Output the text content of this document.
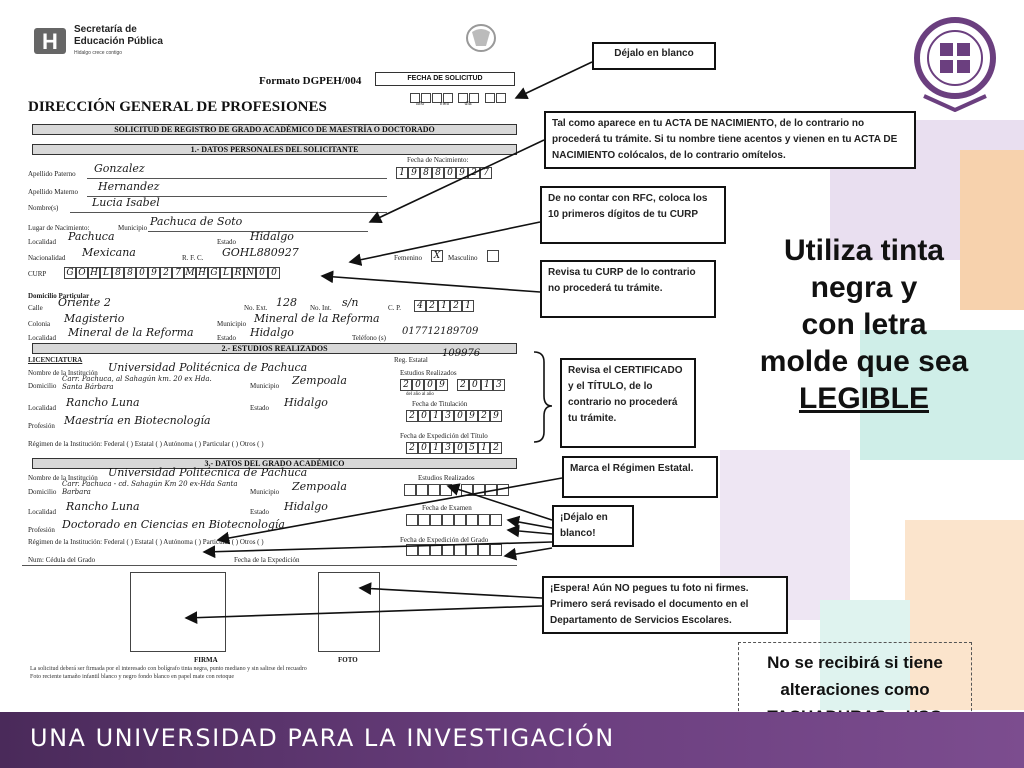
H Secretaría de
Educación Pública
Hidalgo crece contigo
Formato DGPEH/004	FECHA DE SOLICITUD

año mes día
DIRECCIÓN GENERAL DE PROFESIONES
SOLICITUD DE REGISTRO DE GRADO ACADÉMICO DE MAESTRÍA O DOCTORADO
1.- DATOS PERSONALES DEL SOLICITANTE
Fecha de Nacimiento:
1 9 8 8 0 9 2 7
Apellido Paterno Gonzalez
Apellido Materno Hernandez
Nombre(s)	Lucia Isabel
Lugar de Nacimiento:	Municipio Pachuca de Soto
Localidad Pachuca	Estado Hidalgo
Nacionalidad Mexicana	R. F. C. GOHL880927	Femenino	X	Masculino
CURP G O H L 8 8 0 9 2 7 M H G L R N 0 0
Domicilio Particular
Calle Oriente 2	No. Ext. 128 No. Int. s/n	C. P.	4 2 1 2 1
Colonia Magisterio	Municipio Mineral de la Reforma
Localidad Mineral de la Reforma	Estado Hidalgo	Teléfono (s)
017712189709
2.- ESTUDIOS REALIZADOS
LICENCIATURA	Reg. Estatal
109976
Nombre de la Institución Universidad Politécnica de Pachuca	Estudios Realizados
Domicilio
Carr. Pachuca, al Sahagún km. 20 ex Hda. Santa Bárbara	Municipio Zempoala	2 0 0 9 2 0 1 3
del año al año
Localidad Rancho Luna	Estado Hidalgo	Fecha de Titulación
2 0 1 3 0 9 2 9
Profesión Maestría en Biotecnología
Régimen de la Institución: Federal ( ) Estatal ( ) Autónoma ( ) Particular ( ) Otros ( )
Fecha de Expedición del Título
2 0 1 3 0 5 1 2
3.- DATOS DEL GRADO ACADÉMICO
Nombre de la Institución Universidad Politécnica de Pachuca	Estudios Realizados
Domicilio
Carr. Pachuca - cd. Sahagún Km 20 ex-Hda Santa Barbara	Municipio Zempoala

Localidad Rancho Luna	Estado Hidalgo	Fecha de Examen
Profesión Doctorado en Ciencias en Biotecnología
Régimen de la Institución: Federal ( ) Estatal ( ) Autónoma ( ) Particular ( ) Otros ( )	Fecha de Expedición del Grado
Num: Cédula del Grado	Fecha de la Expedición
FIRMA	FOTO
La solicitud deberá ser firmada por el interesado con bolígrafo tinta negra, punto mediano y sin salirse del recuadro
Foto reciente tamaño infantil blanco y negro fondo blanco en papel mate con retoque
Déjalo en blanco
Tal como aparece en tu ACTA DE NACIMIENTO, de lo contrario no procederá tu trámite. Si tu nombre tiene acentos y vienen en tu ACTA DE NACIMIENTO colócalos, de lo contrario omítelos.
De no contar con RFC, coloca los 10 primeros dígitos de tu CURP
Revisa tu CURP de lo contrario no procederá tu trámite.
Revisa el CERTIFICADO y el TÍTULO, de lo contrario no procederá tu trámite.
Marca el Régimen Estatal.
¡Déjalo en blanco!
¡Espera! Aún NO pegues tu foto ni firmes. Primero será revisado el documento en el Departamento de Servicios Escolares.
Utiliza tinta
negra y
con letra
molde que sea
LEGIBLE
No se recibirá si tiene
alteraciones como
UNA UNIVERSIDAD PARA LA INVESTIGACIÓN
